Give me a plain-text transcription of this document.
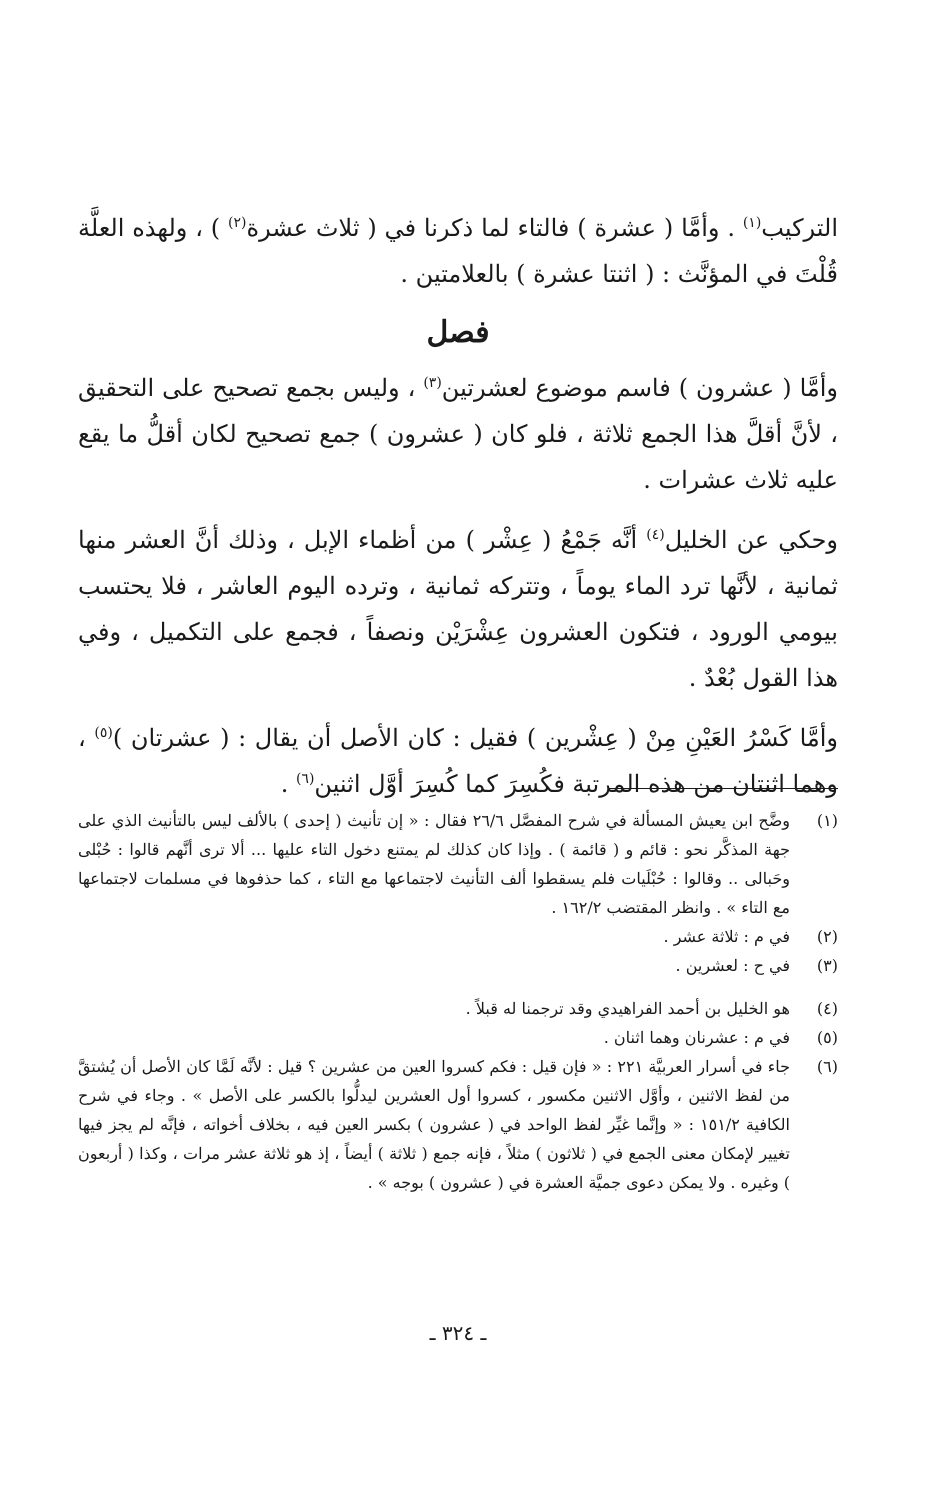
التركيب$^{(١)}$ . وأمَّا ( عشرة ) فالتاء لما ذكرنا في ( ثلاث عشرة$^{(٢)}$ ) ، ولهذه العلَّة قُلْتَ في المؤنَّث : ( اثنتا عشرة ) بالعلامتين .

فصل

وأمَّا ( عشرون ) فاسم موضوع لعشرتين$^{(٣)}$ ، وليس بجمع تصحيح على التحقيق ، لأنَّ أقلَّ هذا الجمع ثلاثة ، فلو كان ( عشرون ) جمع تصحيح لكان أقلُّ ما يقع عليه ثلاث عشرات .

وحكي عن الخليل$^{(٤)}$ أنَّه جَمْعُ ( عِشْر ) من أظماء الإبل ، وذلك أنَّ العشر منها ثمانية ، لأنَّها ترد الماء يوماً ، وتتركه ثمانية ، وترده اليوم العاشر ، فلا يحتسب بيومي الورود ، فتكون العشرون عِشْرَيْن ونصفاً ، فجمع على التكميل ، وفي هذا القول بُعْدٌ .

وأمَّا كَسْرُ العَيْنِ مِنْ ( عِشْرين ) فقيل : كان الأصل أن يقال : ( عشرتان )$^{(٥)}$ ، وهما اثنتان من هذه المرتبة فكُسِرَ كما كُسِرَ أوَّل اثنين$^{(٦)}$ .

(١)
وضَّح ابن يعيش المسألة في شرح المفصَّل ٢٦/٦ فقال : « إن تأنيث ( إحدى ) بالألف ليس بالتأنيث الذي على جهة المذكَّر نحو : قائم و ( قائمة ) . وإذا كان كذلك لم يمتنع دخول التاء عليها ... ألا ترى أنَّهم قالوا : حُبْلى وحَبالى .. وقالوا : حُبْلَيات فلم يسقطوا ألف التأنيث لاجتماعها مع التاء ، كما حذفوها في مسلمات لاجتماعها مع التاء » . وانظر المقتضب ١٦٢/٢ .
(٢)
في م : ثلاثة عشر .
(٣)
في ح : لعشرين .
(٤)
هو الخليل بن أحمد الفراهيدي وقد ترجمنا له قبلاً .
(٥)
في م : عشرنان وهما اثنان .
(٦)
جاء في أسرار العربيَّة ٢٢١ : « فإن قيل : فكم كسروا العين من عشرين ؟ قيل : لأنَّه لَمَّا كان الأصل أن يُشتقَّ من لفظ الاثنين ، وأوَّل الاثنين مكسور ، كسروا أول العشرين ليدلُّوا بالكسر على الأصل » . وجاء في شرح الكافية ١٥١/٢ : « وإنَّما غيِّر لفظ الواحد في ( عشرون ) بكسر العين فيه ، بخلاف أخواته ، فإنَّه لم يجز فيها تغيير لإمكان معنى الجمع في ( ثلاثون ) مثلاً ، فإنه جمع ( ثلاثة ) أيضاً ، إذ هو ثلاثة عشر مرات ، وكذا ( أربعون ) وغيره . ولا يمكن دعوى جميَّة العشرة في ( عشرون ) بوجه » .
ـ ٣٢٤ ـ
